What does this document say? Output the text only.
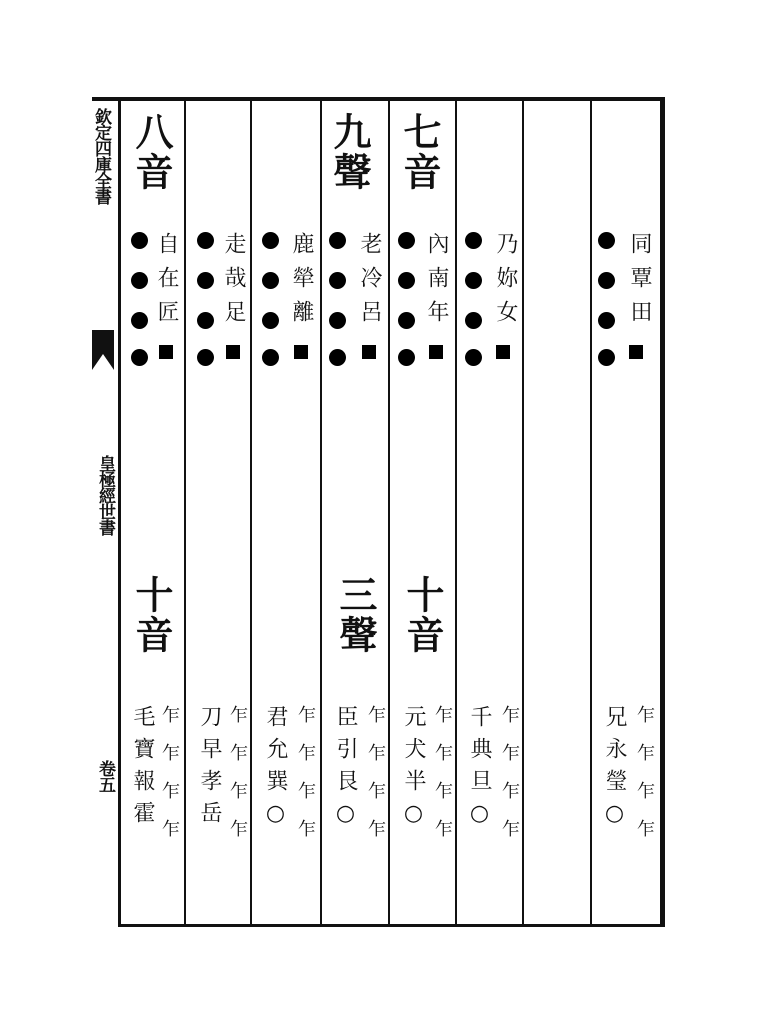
欽定四庫全書
皇極經世書
卷五
八音
自在匠
十音
毛寶報霍 乍乍乍乍
走哉足
刀早孝岳 乍乍乍乍
鹿犖離
君允巽○ 乍乍乍乍
九聲
老冷呂
三聲
臣引艮○ 乍乍乍乍
七音
內南年
十音
元犬半○ 乍乍乍乍
乃妳女
千典旦○ 乍乍乍乍
同覃田
兄永瑩○ 乍乍乍乍
